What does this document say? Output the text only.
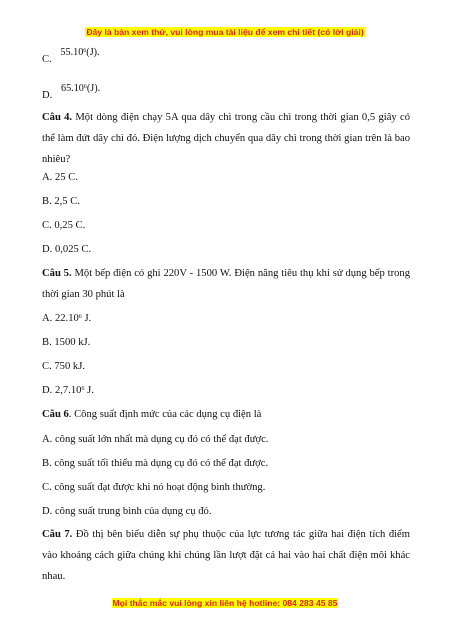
Đây là bản xem thử, vui lòng mua tài liệu để xem chi tiết (có lời giải)
C. 55.10$^6$(J).
D. 65.10$^6$(J).
Câu 4. Một dòng điện chạy 5A qua dây chì trong cầu chì trong thời gian 0,5 giây có thể làm đứt dây chì đó. Điện lượng dịch chuyển qua dây chì trong thời gian trên là bao nhiêu?
A. 25 C.
B. 2,5 C.
C. 0,25 C.
D. 0,025 C.
Câu 5. Một bếp điện có ghi 220V - 1500 W. Điện năng tiêu thụ khi sử dụng bếp trong thời gian 30 phút là
A. 22.10$^6$ J.
B. 1500 kJ.
C. 750 kJ.
D. 2,7.10$^6$ J.
Câu 6. Công suất định mức của các dụng cụ điện là
A. công suất lớn nhất mà dụng cụ đó có thể đạt được.
B. công suất tối thiểu mà dụng cụ đó có thể đạt được.
C. công suất đạt được khi nó hoạt động bình thường.
D. công suất trung bình của dụng cụ đó.
Câu 7. Đồ thị bên biểu diễn sự phụ thuộc của lực tương tác giữa hai điện tích điểm vào khoảng cách giữa chúng khi chúng lần lượt đặt cả hai vào hai chất điện môi khác nhau.
Mọi thắc mắc vui lòng xin liên hệ hotline: 084 283 45 85
